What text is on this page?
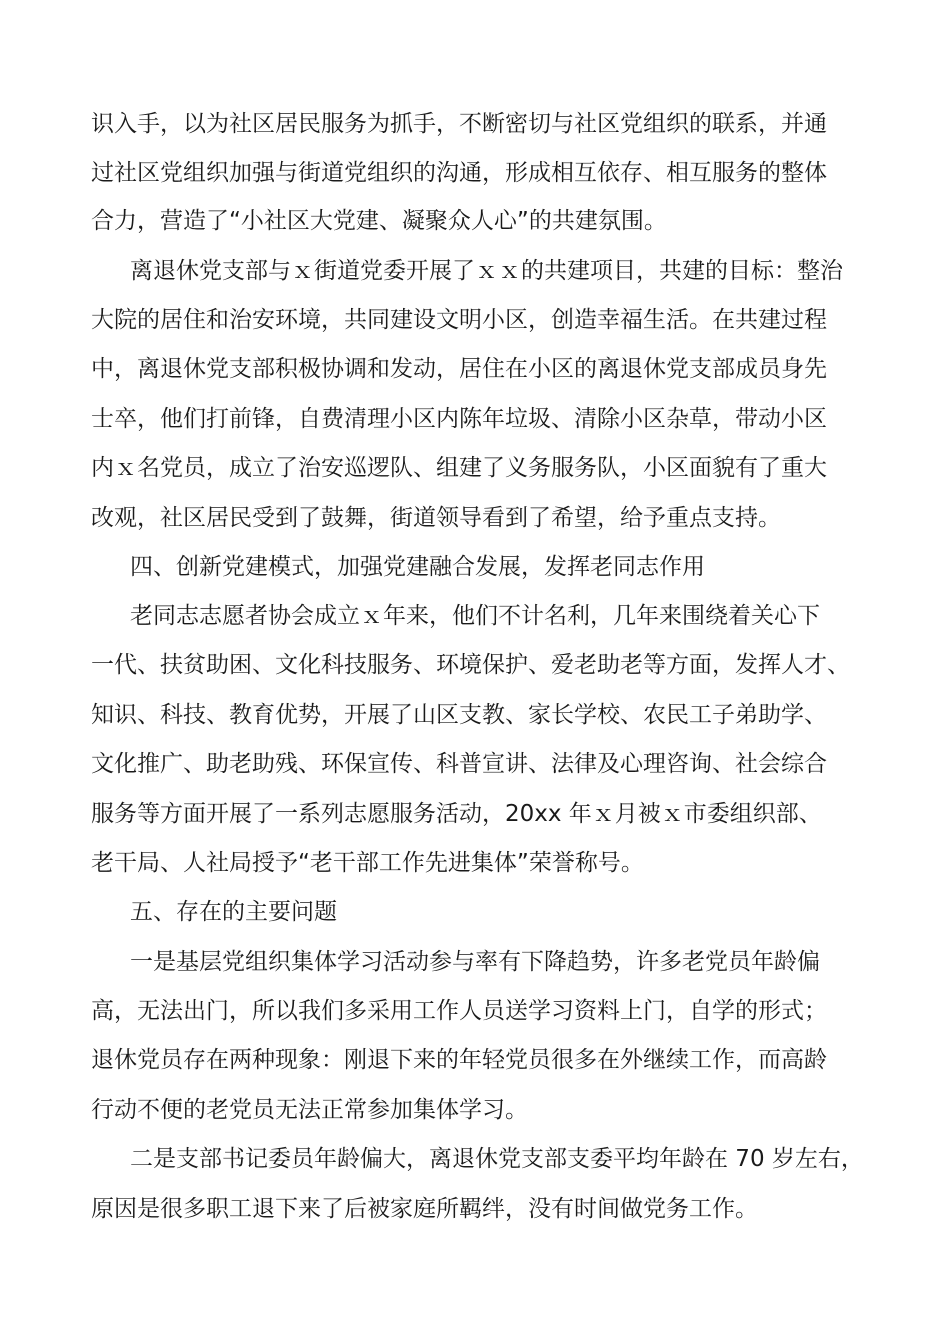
识入手，以为社区居民服务为抓手，不断密切与社区党组织的联系，并通

过社区党组织加强与街道党组织的沟通，形成相互依存、相互服务的整体

合力，营造了“小社区大党建、凝聚众人心”的共建氛围。

离退休党支部与ｘ街道党委开展了ｘｘ的共建项目，共建的目标：整治

大院的居住和治安环境，共同建设文明小区，创造幸福生活。在共建过程

中，离退休党支部积极协调和发动，居住在小区的离退休党支部成员身先

士卒，他们打前锋，自费清理小区内陈年垃圾、清除小区杂草，带动小区

内ｘ名党员，成立了治安巡逻队、组建了义务服务队，小区面貌有了重大

改观，社区居民受到了鼓舞，街道领导看到了希望，给予重点支持。

四、创新党建模式，加强党建融合发展，发挥老同志作用

老同志志愿者协会成立ｘ年来，他们不计名利，几年来围绕着关心下

一代、扶贫助困、文化科技服务、环境保护、爱老助老等方面，发挥人才、

知识、科技、教育优势，开展了山区支教、家长学校、农民工子弟助学、

文化推广、助老助残、环保宣传、科普宣讲、法律及心理咨询、社会综合

服务等方面开展了一系列志愿服务活动，20xx 年ｘ月被ｘ市委组织部、

老干局、人社局授予“老干部工作先进集体”荣誉称号。

五、存在的主要问题

一是基层党组织集体学习活动参与率有下降趋势，许多老党员年龄偏

高，无法出门，所以我们多采用工作人员送学习资料上门，自学的形式；

退休党员存在两种现象：刚退下来的年轻党员很多在外继续工作，而高龄

行动不便的老党员无法正常参加集体学习。

二是支部书记委员年龄偏大，离退休党支部支委平均年龄在 70 岁左右，

原因是很多职工退下来了后被家庭所羁绊，没有时间做党务工作。
